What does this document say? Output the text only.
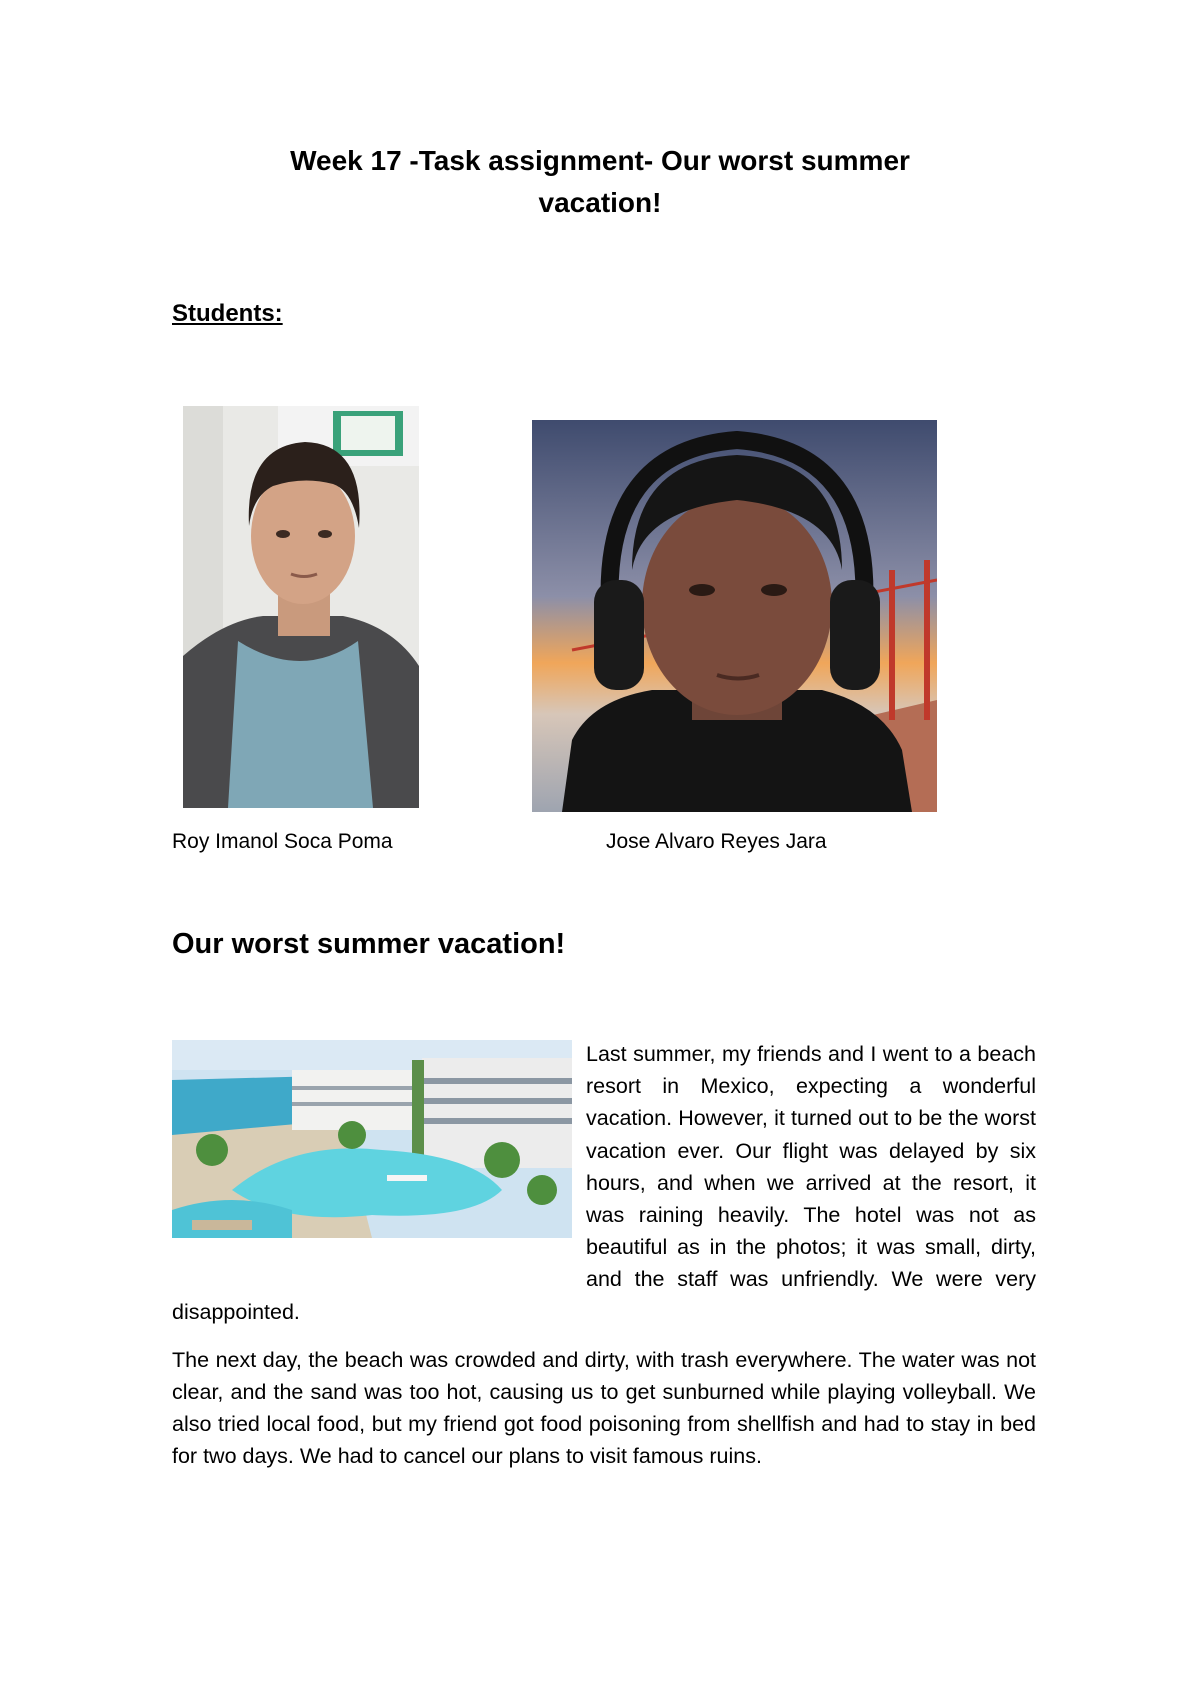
Week 17 -Task assignment- Our worst summer
vacation!

Students:

Roy Imanol Soca Poma	Jose Alvaro Reyes Jara

Our worst summer vacation!

Last summer, my friends and I went to a beach resort in Mexico, expecting a wonderful vacation. However, it turned out to be the worst vacation ever. Our flight was delayed by six hours, and when we arrived at the resort, it was raining heavily. The hotel was not as beautiful as in the photos; it was small, dirty, and the staff was unfriendly. We were very disappointed.

The next day, the beach was crowded and dirty, with trash everywhere. The water was not clear, and the sand was too hot, causing us to get sunburned while playing volleyball. We also tried local food, but my friend got food poisoning from shellfish and had to stay in bed for two days. We had to cancel our plans to visit famous ruins.
